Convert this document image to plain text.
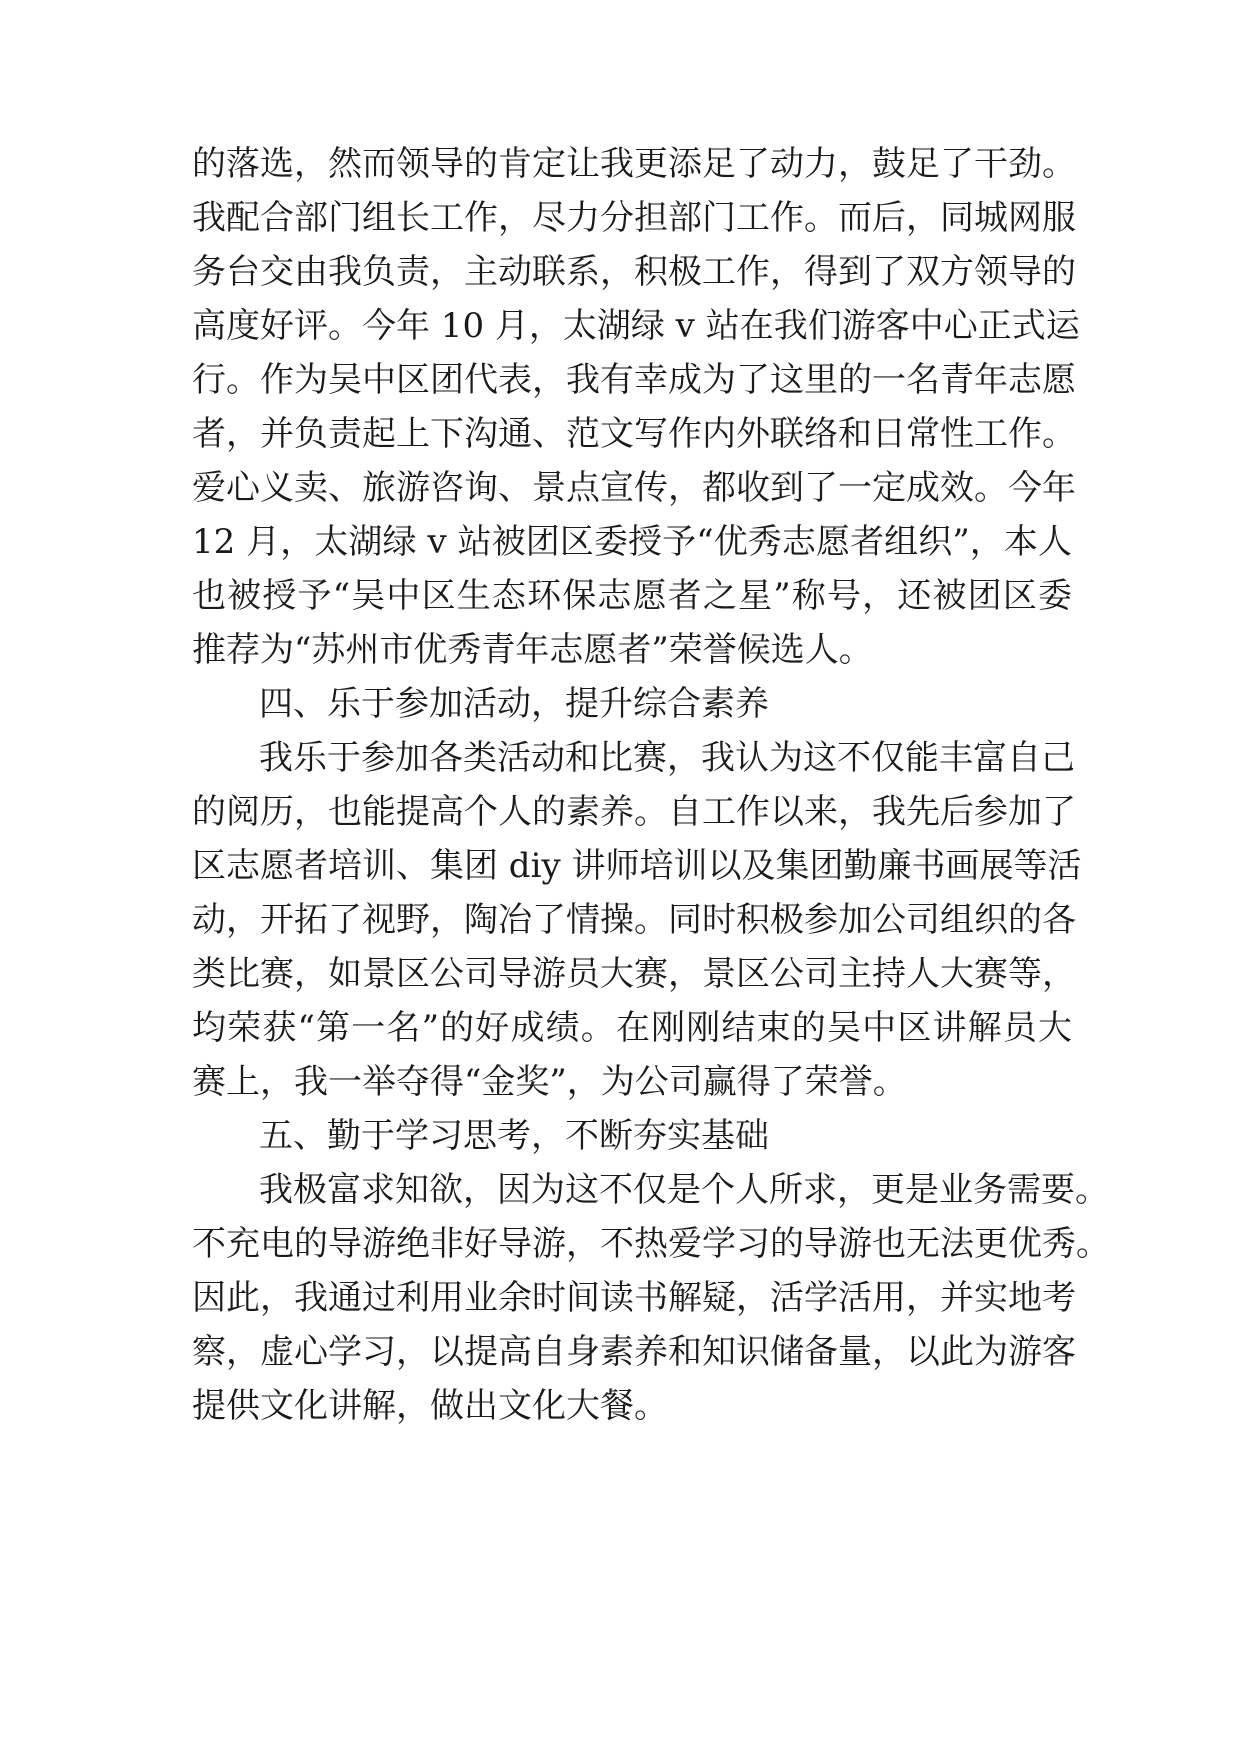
的落选，然而领导的肯定让我更添足了动力，鼓足了干劲。
我配合部门组长工作，尽力分担部门工作。而后，同城网服
务台交由我负责，主动联系，积极工作，得到了双方领导的
高度好评。今年 10 月，太湖绿 v 站在我们游客中心正式运
行。作为吴中区团代表，我有幸成为了这里的一名青年志愿
者，并负责起上下沟通、范文写作内外联络和日常性工作。
爱心义卖、旅游咨询、景点宣传，都收到了一定成效。今年
12 月，太湖绿 v 站被团区委授予“优秀志愿者组织”，本人
也被授予“吴中区生态环保志愿者之星”称号，还被团区委
推荐为“苏州市优秀青年志愿者”荣誉候选人。
四、乐于参加活动，提升综合素养
我乐于参加各类活动和比赛，我认为这不仅能丰富自己
的阅历，也能提高个人的素养。自工作以来，我先后参加了
区志愿者培训、集团 diy 讲师培训以及集团勤廉书画展等活
动，开拓了视野，陶冶了情操。同时积极参加公司组织的各
类比赛，如景区公司导游员大赛，景区公司主持人大赛等，
均荣获“第一名”的好成绩。在刚刚结束的吴中区讲解员大
赛上，我一举夺得“金奖”，为公司赢得了荣誉。
五、勤于学习思考，不断夯实基础
我极富求知欲，因为这不仅是个人所求，更是业务需要。
不充电的导游绝非好导游，不热爱学习的导游也无法更优秀。
因此，我通过利用业余时间读书解疑，活学活用，并实地考
察，虚心学习，以提高自身素养和知识储备量，以此为游客
提供文化讲解，做出文化大餐。
